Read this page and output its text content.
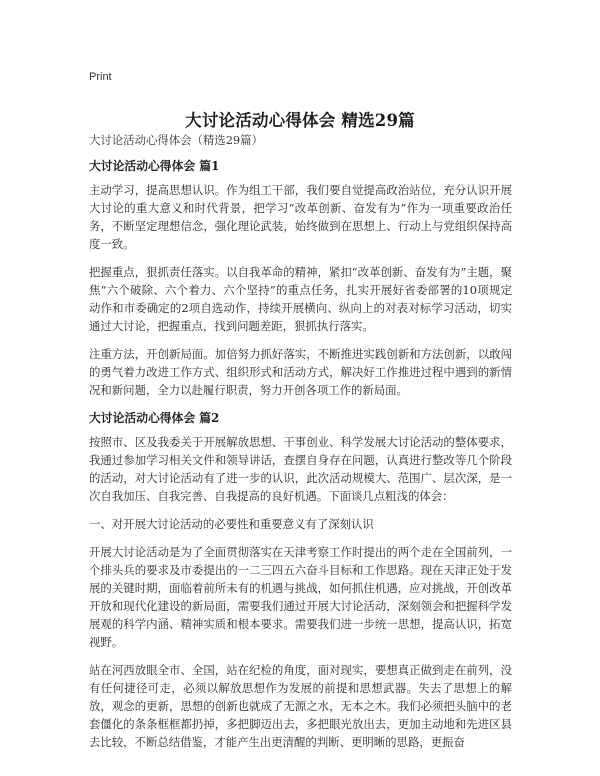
Print
大讨论活动心得体会 精选29篇

大讨论活动心得体会（精选29篇）

大讨论活动心得体会 篇1

主动学习，提高思想认识。作为组工干部，我们要自觉提高政治站位，充分认识开展大讨论的重大意义和时代背景，把学习“改革创新、奋发有为”作为一项重要政治任务，不断坚定理想信念，强化理论武装，始终做到在思想上、行动上与党组织保持高度一致。

把握重点，狠抓责任落实。以自我革命的精神，紧扣“改革创新、奋发有为”主题，聚焦“六个破除、六个着力、六个坚持”的重点任务，扎实开展好省委部署的10项规定动作和市委确定的2项自选动作，持续开展横向、纵向上的对表对标学习活动，切实通过大讨论，把握重点，找到问题差距，狠抓执行落实。

注重方法，开创新局面。加倍努力抓好落实，不断推进实践创新和方法创新，以敢闯的勇气着力改进工作方式、组织形式和活动方式，解决好工作推进过程中遇到的新情况和新问题，全力以赴履行职责，努力开创各项工作的新局面。

大讨论活动心得体会 篇2

按照市、区及我委关于开展解放思想、干事创业、科学发展大讨论活动的整体要求，我通过参加学习相关文件和领导讲话，查摆自身存在问题，认真进行整改等几个阶段的活动，对大讨论活动有了进一步的认识，此次活动规模大、范围广、层次深，是一次自我加压、自我完善、自我提高的良好机遇。下面谈几点粗浅的体会：

一、对开展大讨论活动的必要性和重要意义有了深刻认识

开展大讨论活动是为了全面贯彻落实在天津考察工作时提出的两个走在全国前列，一个排头兵的要求及市委提出的一二三四五六奋斗目标和工作思路。现在天津正处于发展的关键时期，面临着前所未有的机遇与挑战，如何抓住机遇，应对挑战，开创改革开放和现代化建设的新局面，需要我们通过开展大讨论活动，深刻领会和把握科学发展观的科学内涵、精神实质和根本要求。需要我们进一步统一思想，提高认识，拓宽视野。

站在河西放眼全市、全国，站在纪检的角度，面对现实，要想真正做到走在前列，没有任何捷径可走，必须以解放思想作为发展的前提和思想武器。失去了思想上的解放，观念的更新，思想的创新也就成了无源之水，无本之木。我们必须把头脑中的老套僵化的条条框框都扔掉，多把脚迈出去，多把眼光放出去，更加主动地和先进区县去比较，不断总结借鉴，才能产生出更清醒的判断、更明晰的思路，更振奋
